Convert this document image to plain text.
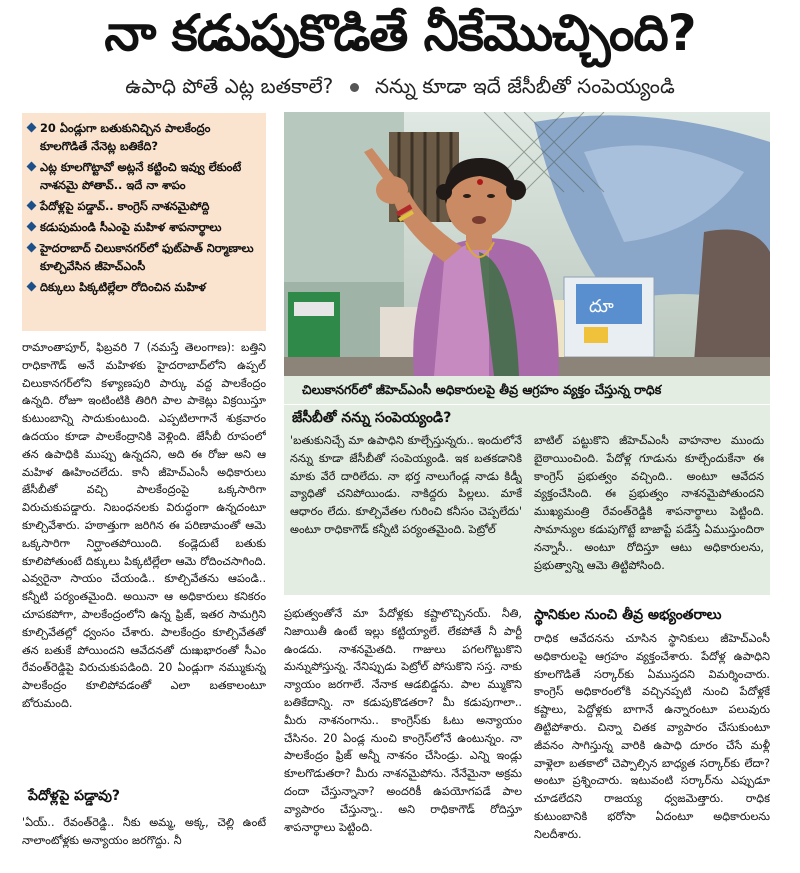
నా కడుపుకొడితే నీకేమొచ్చింది?
ఉపాధి పోతే ఎట్ల బతకాలే? నన్ను కూడా ఇదే జేసీబీతో సంపెయ్యండి
20 ఏండ్లుగా బతుకునిచ్చిన పాలకేంద్రం కూలగొడితే నేనెట్ల బతికేది?
ఎట్ల కూలగొట్టావో అట్లనే కట్టించి ఇవ్వు లేకుంటే నాశనమై పోతావ్‌.. ఇదే నా శాపం
పేదోళ్లపై పడ్డావ్‌.. కాంగ్రెస్‌ నాశనమైపోద్ది
కడుపుమండి సీఎంపై మహిళ శాపనార్థాలు
హైదరాబాద్‌ చిలుకానగర్‌లో ఫుట్‌పాత్‌ నిర్మాణాలు కూల్చివేసిన జీహెచ్‌ఎంసీ
దిక్కులు పిక్కటిల్లేలా రోదించిన మహిళ
దూ
చిలుకానగర్‌లో జీహెచ్‌ఎంసీ అధికారులపై తీవ్ర ఆగ్రహం వ్యక్తం చేస్తున్న రాధిక

రామాంతాపూర్‌, ఫిబ్రవరి 7 (నమస్తే తెలంగాణ): బత్తిని రాధికాగౌడ్‌ అనే మహిళకు హైదరాబాద్‌లోని ఉప్పల్‌ చిలుకానగర్‌లోని కళ్యాణపురి పార్కు వద్ద పాలకేంద్రం ఉన్నది. రోజూ ఇంటింటికి తిరిగి పాల పాకెట్లు విక్రయిస్తూ కుటుంబాన్ని సాదుకుంటుంది. ఎప్పటిలాగానే శుక్రవారం ఉదయం కూడా పాలకేంద్రానికి వెళ్లింది. జేసీబీ రూపంలో తన ఉపాధికి ముప్పు ఉన్నదని, అది ఈ రోజు అని ఆ మహిళ ఊహించలేదు. కానీ జీహెచ్‌ఎంసీ అధికారులు జేసీబీతో వచ్చి పాలకేంద్రంపై ఒక్కసారిగా విరుచుకుపడ్డారు. నిబంధనలకు విరుద్ధంగా ఉన్నదంటూ కూల్చివేశారు. హఠాత్తుగా జరిగిన ఈ పరిణామంతో ఆమె ఒక్కసారిగా నిర్ఘాంతపోయింది. కండ్లెదుటే బతుకు కూలిపోతుంటే దిక్కులు పిక్కటిల్లేలా ఆమె రోదించసాగింది. ఎవ్వరైనా సాయం చేయండి.. కూల్చివేతను ఆపండి.. కన్నీటి పర్యంతమైంది. అయినా ఆ అధికారులు కనికరం చూపకపోగా, పాలకేంద్రంలోని ఉన్న ఫ్రిజ్‌, ఇతర సామగ్రిని కూల్చివేతల్లో ధ్వంసం చేశారు. పాలకేంద్రం కూల్చివేతతో తన బతుకే పోయిందని ఆవేదనతో దుఃఖభారంతో సీఎం రేవంత్‌రెడ్డిపై విరుచుకుపడింది. 20 ఏండ్లుగా నమ్ముకున్న పాలకేంద్రం కూలిపోవడంతో ఎలా బతకాలంటూ బోరుమంది.

పేదోళ్లపై పడ్డావు?

'ఏయ్‌.. రేవంత్‌రెడ్డి.. నీకు అమ్మ, అక్క, చెల్లి ఉంటే నాలాంటోళ్లకు అన్యాయం జరగొద్దు. నీ

జేసీబీతో నన్ను సంపెయ్యండి?

'బతుకునిచ్చే మా ఉపాధిని కూల్చేస్తున్నరు.. ఇందులోనే నన్ను కూడా జేసీబీతో సంపెయ్యండి. ఇక బతకడానికి మాకు వేరే దారిలేదు. నా భర్త నాలుగేండ్ల నాడు కిడ్నీ వ్యాధితో చనిపోయిండు. నాకిద్దరు పిల్లలు. మాకే ఆధారం లేదు. కూల్చివేతల గురించి కనీసం చెప్పలేదు' అంటూ రాధికాగౌడ్‌ కన్నీటి పర్యంతమైంది. పెట్రోల్‌

బాటిల్‌ పట్టుకొని జీహెచ్‌ఎంసీ వాహనాల ముందు బైఠాయించింది. పేదోళ్ల గూడును కూల్చేందుకేనా ఈ కాంగ్రెస్‌ ప్రభుత్వం వచ్చింది.. అంటూ ఆవేదన వ్యక్తంచేసింది. ఈ ప్రభుత్వం నాశనమైపోతుందని ముఖ్యమంత్రి రేవంత్‌రెడ్డికి శాపనార్థాలు పెట్టింది. సామాన్యుల కడుపుగొట్టే బాజాప్టే పడేస్తే ఏముస్తుందిరా నన్నాసీ.. అంటూ రోదిస్తూ ఆటు అధికారులను, ప్రభుత్వాన్ని ఆమె తిట్టిపోసింది.

ప్రభుత్వంతోనే మా పేదోళ్లకు కష్టాలొచ్చినయ్‌. నీతి, నిజాయితీ ఉంటే ఇల్లు కట్టియ్యాలే. లేకపోతే నీ పార్టీ ఉండదు. నాశనమైతది. గాజులు పగలగొట్టుకొని మన్నుపోస్తున్న. నేనిప్పుడు పెట్రోల్‌ పోసుకొని సస్త. నాకు న్యాయం జరగాలే. నేనాక ఆడబిడ్డను. పాల మ్ముకొని బతికేదాన్ని. నా కడుపుకొడతరా? మీ కడుపుగాలా.. మీరు నాశనంగాను.. కాంగ్రెస్‌కు ఓటు అన్యాయం చేసినం. 20 ఏండ్ల నుంచి కాంగ్రెస్‌లోనే ఉంటున్నం. నా పాలకేంద్రం ఫ్రిజ్‌ అన్నీ నాశనం చేసిండ్రు. ఎన్ని ఇండ్లు కూలగొడుతరా? మీరు నాశనమైపోను. నేనేమైనా అక్రమ దందా చేస్తున్నానా? అందరికీ ఉపయోగపడే పాల వ్యాపారం చేస్తున్నా.. అని రాధికాగౌడ్‌ రోదిస్తూ శాపనార్థాలు పెట్టింది.

స్థానికుల నుంచి తీవ్ర అభ్యంతరాలు

రాధిక ఆవేదనను చూసిన స్థానికులు జీహెచ్‌ఎంసీ అధికారులపై ఆగ్రహం వ్యక్తంచేశారు. పేదోళ్ల ఉపాధిని కూలగొడితే సర్కార్‌కు ఏముస్తదని విమర్శించారు. కాంగ్రెస్‌ అధికారంలోకి వచ్చినప్పటి నుంచి పేదోళ్లకే కష్టాలు, పెద్దోళ్లకు బాగానే ఉన్నారంటూ పలువురు తిట్టిపోశారు. చిన్నా చితక వ్యాపారం చేసుకుంటూ జీవనం సాగిస్తున్న వారికి ఉపాధి దూరం చేసే మళ్లీ వాళ్లెలా బతకాలో చెప్పాల్సిన బాధ్యత సర్కార్‌కు లేదా? అంటూ ప్రశ్నించారు. ఇటువంటి సర్కార్‌ను ఎప్పుడూ చూడలేదని రాజయ్య ధ్వజమెత్తారు. రాధిక కుటుంబానికి భరోసా ఏదంటూ అధికారులను నిలదీశారు.
